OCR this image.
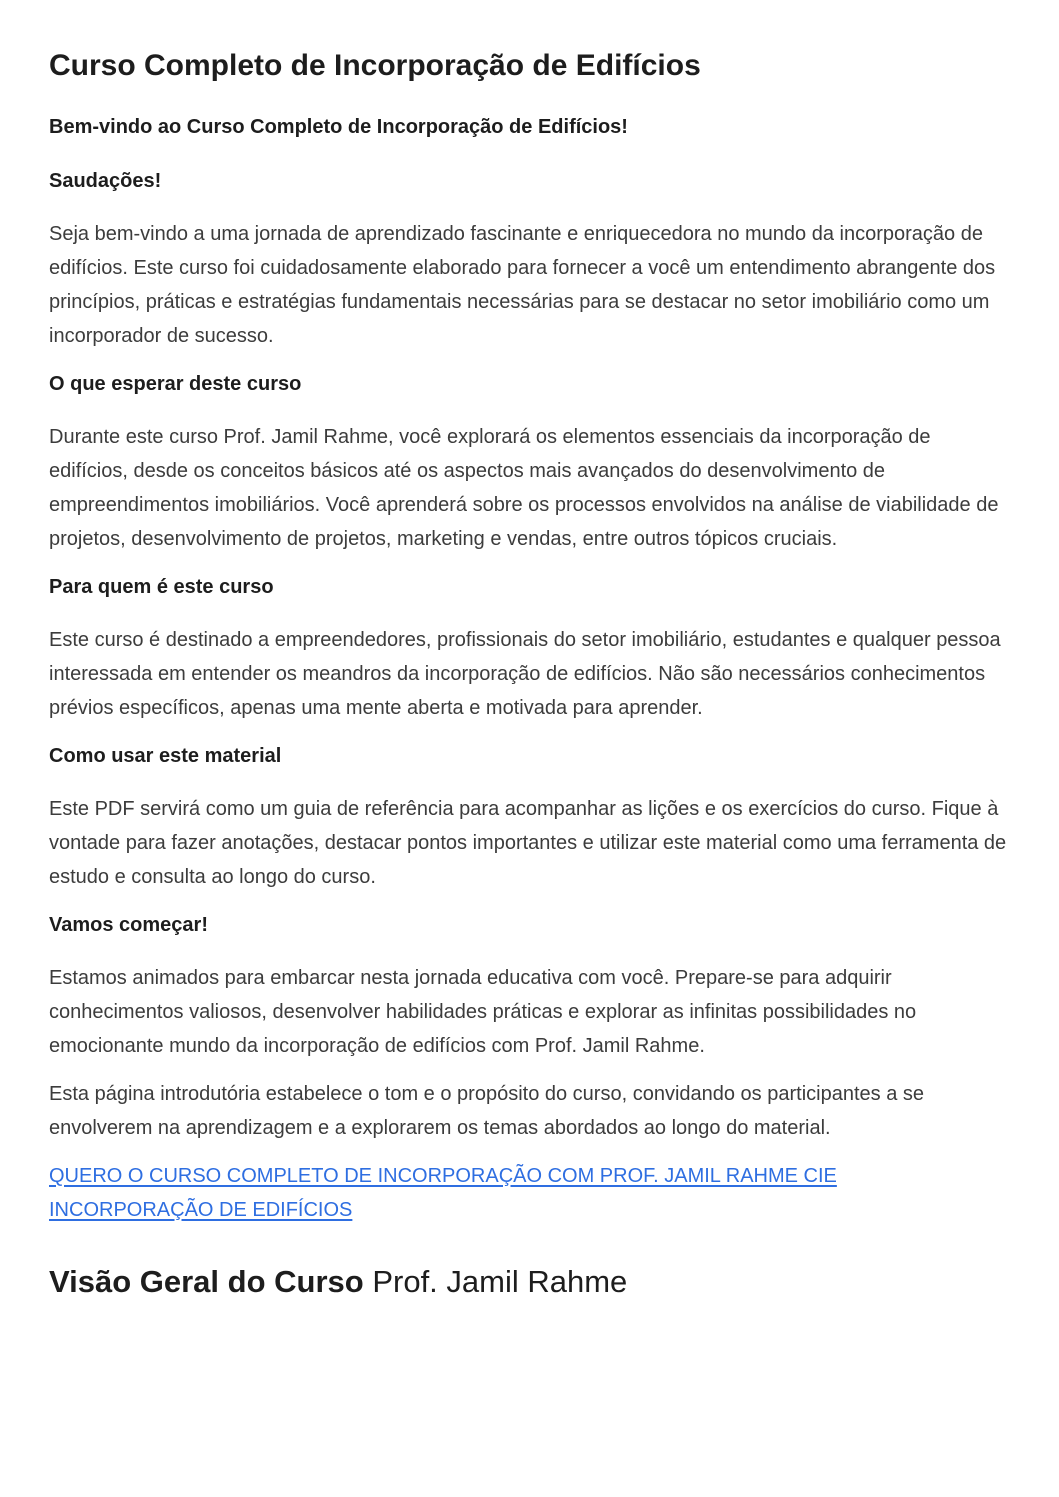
Curso Completo de Incorporação de Edifícios

Bem-vindo ao Curso Completo de Incorporação de Edifícios!

Saudações!

Seja bem-vindo a uma jornada de aprendizado fascinante e enriquecedora no mundo da incorporação de edifícios. Este curso foi cuidadosamente elaborado para fornecer a você um entendimento abrangente dos princípios, práticas e estratégias fundamentais necessárias para se destacar no setor imobiliário como um incorporador de sucesso.

O que esperar deste curso

Durante este curso Prof. Jamil Rahme, você explorará os elementos essenciais da incorporação de edifícios, desde os conceitos básicos até os aspectos mais avançados do desenvolvimento de empreendimentos imobiliários. Você aprenderá sobre os processos envolvidos na análise de viabilidade de projetos, desenvolvimento de projetos, marketing e vendas, entre outros tópicos cruciais.

Para quem é este curso

Este curso é destinado a empreendedores, profissionais do setor imobiliário, estudantes e qualquer pessoa interessada em entender os meandros da incorporação de edifícios. Não são necessários conhecimentos prévios específicos, apenas uma mente aberta e motivada para aprender.

Como usar este material

Este PDF servirá como um guia de referência para acompanhar as lições e os exercícios do curso. Fique à vontade para fazer anotações, destacar pontos importantes e utilizar este material como uma ferramenta de estudo e consulta ao longo do curso.

Vamos começar!

Estamos animados para embarcar nesta jornada educativa com você. Prepare-se para adquirir conhecimentos valiosos, desenvolver habilidades práticas e explorar as infinitas possibilidades no emocionante mundo da incorporação de edifícios com Prof. Jamil Rahme.

Esta página introdutória estabelece o tom e o propósito do curso, convidando os participantes a se envolverem na aprendizagem e a explorarem os temas abordados ao longo do material.

QUERO O CURSO COMPLETO DE INCORPORAÇÃO COM PROF. JAMIL RAHME CIE
INCORPORAÇÃO DE EDIFÍCIOS
Visão Geral do Curso Prof. Jamil Rahme
